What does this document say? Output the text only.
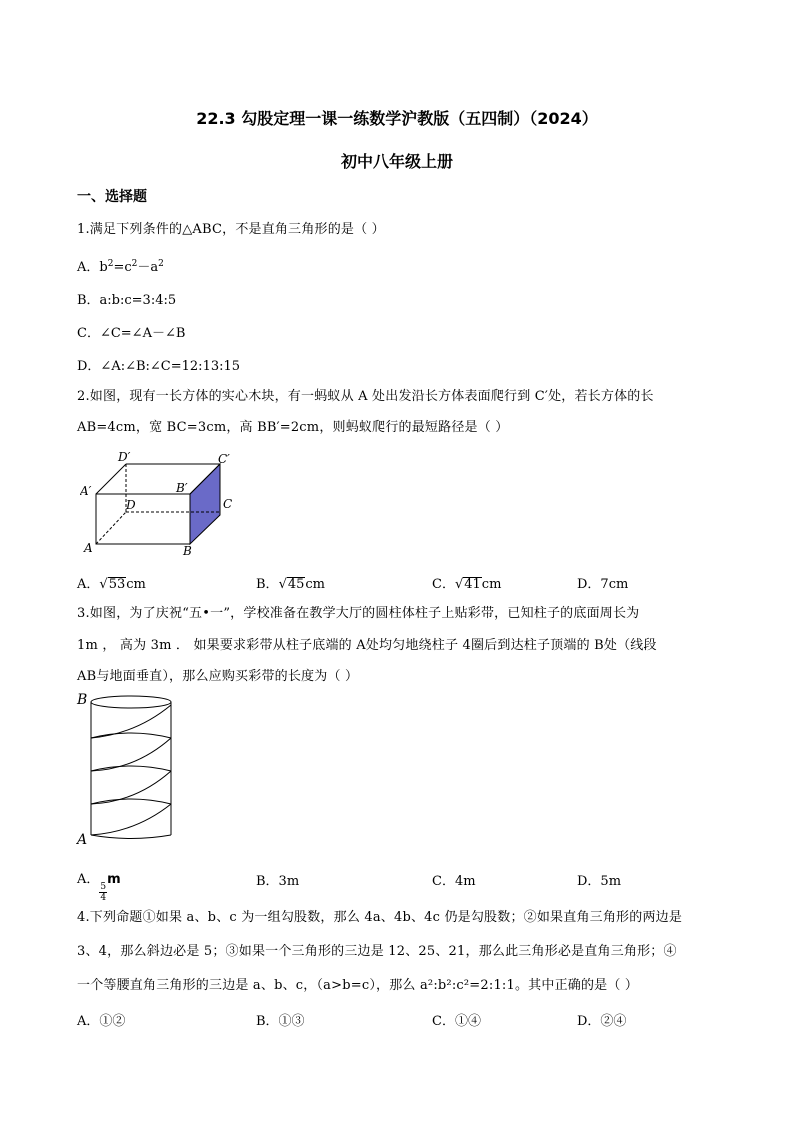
22.3 勾股定理一课一练数学沪教版（五四制）（2024）
初中八年级上册
一、选择题
1.满足下列条件的△ABC，不是直角三角形的是（ ）
A．$b^2=c^2-a^2$
B．a:b:c=3:4:5
C．∠C=∠A－∠B
D．∠A:∠B:∠C=12:13:15
2.如图，现有一长方体的实心木块，有一蚂蚁从 A 处出发沿长方体表面爬行到 C′处，若长方体的长
AB=4cm，宽 BC=3cm，高 BB′=2cm，则蚂蚁爬行的最短路径是（ ）
D′	C′
A′	B′
D	C
A	B
A．√53cm	B．√45cm	C．√41cm	D．7cm
3.如图，为了庆祝“五•一”，学校准备在教学大厅的圆柱体柱子上贴彩带，已知柱子的底面周长为
1m ， 高为 3m ． 如果要求彩带从柱子底端的 A处均匀地绕柱子 4圈后到达柱子顶端的 B处（线段
AB与地面垂直），那么应购买彩带的长度为（ ）
B
A
A．
$\frac{5}{4}$
m	B．3m	C．4m	D．5m
4.下列命题①如果 a、b、c 为一组勾股数，那么 4a、4b、4c 仍是勾股数；②如果直角三角形的两边是
3、4，那么斜边必是 5；③如果一个三角形的三边是 12、25、21，那么此三角形必是直角三角形；④
一个等腰直角三角形的三边是 a、b、c，（a>b=c），那么 a²:b²:c²=2:1:1。其中正确的是（ ）
A．①②	B．①③	C．①④	D．②④
